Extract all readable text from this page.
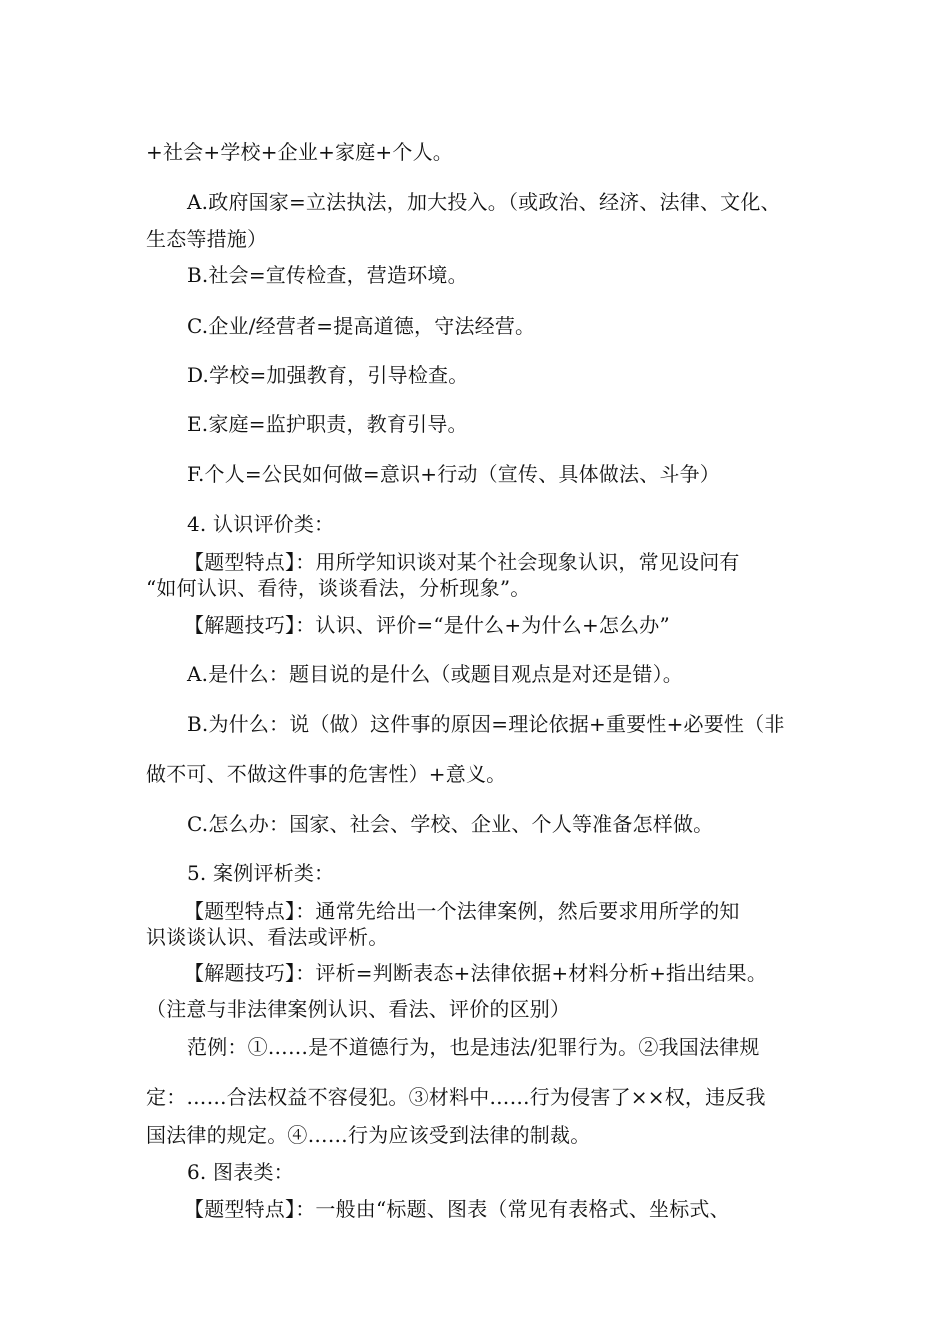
+社会+学校+企业+家庭+个人。
A.政府国家=立法执法，加大投入。（或政治、经济、法律、文化、
生态等措施）
B.社会=宣传检查，营造环境。
C.企业/经营者=提高道德，守法经营。
D.学校=加强教育，引导检查。
E.家庭=监护职责，教育引导。
F.个人=公民如何做=意识+行动（宣传、具体做法、斗争）
4. 认识评价类：
【题型特点】：用所学知识谈对某个社会现象认识，常见设问有
“如何认识、看待，谈谈看法，分析现象”。
【解题技巧】：认识、评价=“是什么+为什么+怎么办”
A.是什么：题目说的是什么（或题目观点是对还是错）。
B.为什么：说（做）这件事的原因=理论依据+重要性+必要性（非
做不可、不做这件事的危害性）+意义。
C.怎么办：国家、社会、学校、企业、个人等准备怎样做。
5. 案例评析类：
【题型特点】：通常先给出一个法律案例，然后要求用所学的知
识谈谈认识、看法或评析。
【解题技巧】：评析=判断表态+法律依据+材料分析+指出结果。
（注意与非法律案例认识、看法、评价的区别）
范例：①……是不道德行为，也是违法/犯罪行为。②我国法律规
定：……合法权益不容侵犯。③材料中……行为侵害了××权，违反我
国法律的规定。④……行为应该受到法律的制裁。
6. 图表类：
【题型特点】：一般由“标题、图表（常见有表格式、坐标式、
